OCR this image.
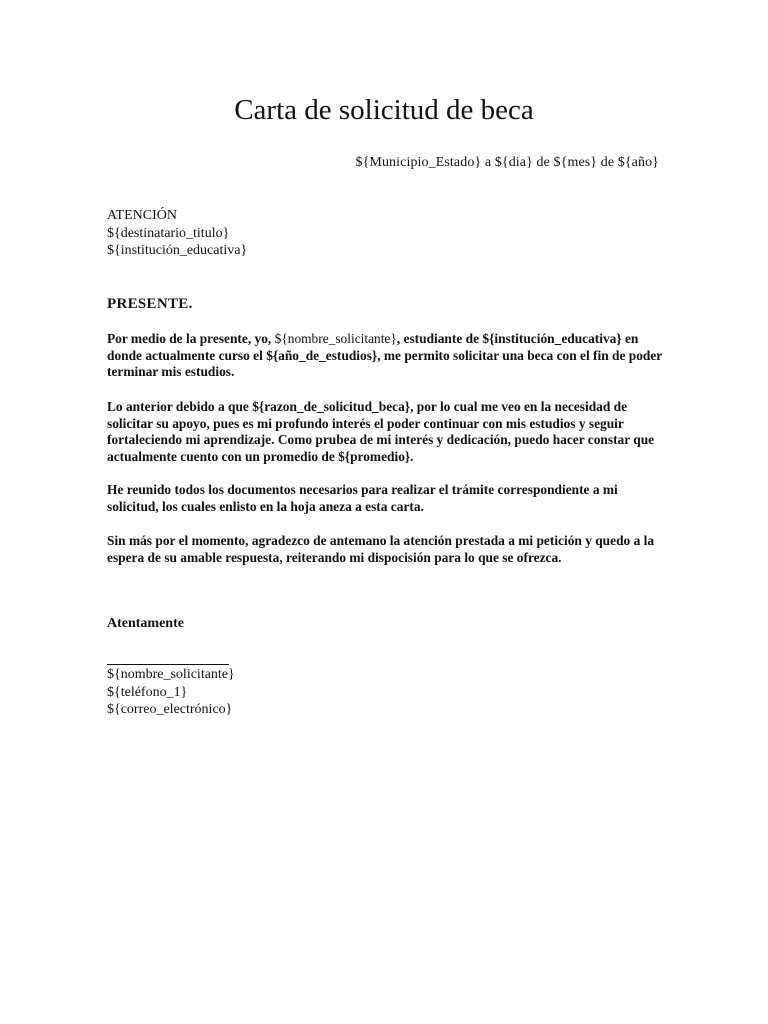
Carta de solicitud de beca
${Municipio_Estado} a ${dia} de ${mes} de ${año}
ATENCIÓN
${destinatario_titulo}
${institución_educativa}
PRESENTE.

Por medio de la presente, yo, ${nombre_solicitante}, estudiante de ${institución_educativa} en donde actualmente curso el ${año_de_estudios}, me permito solicitar una beca con el fin de poder terminar mis estudios.

Lo anterior debido a que ${razon_de_solicitud_beca}, por lo cual me veo en la necesidad de solicitar su apoyo, pues es mi profundo interés el poder continuar con mis estudios y seguir fortaleciendo mi aprendizaje. Como prubea de mi interés y dedicación, puedo hacer constar que actualmente cuento con un promedio de ${promedio}.

He reunido todos los documentos necesarios para realizar el trámite correspondiente a mi solicitud, los cuales enlisto en la hoja aneza a esta carta.

Sin más por el momento, agradezco de antemano la atención prestada a mi petición y quedo a la espera de su amable respuesta, reiterando mi dispocisión para lo que se ofrezca.

Atentamente
${nombre_solicitante}
${teléfono_1}
${correo_electrónico}
